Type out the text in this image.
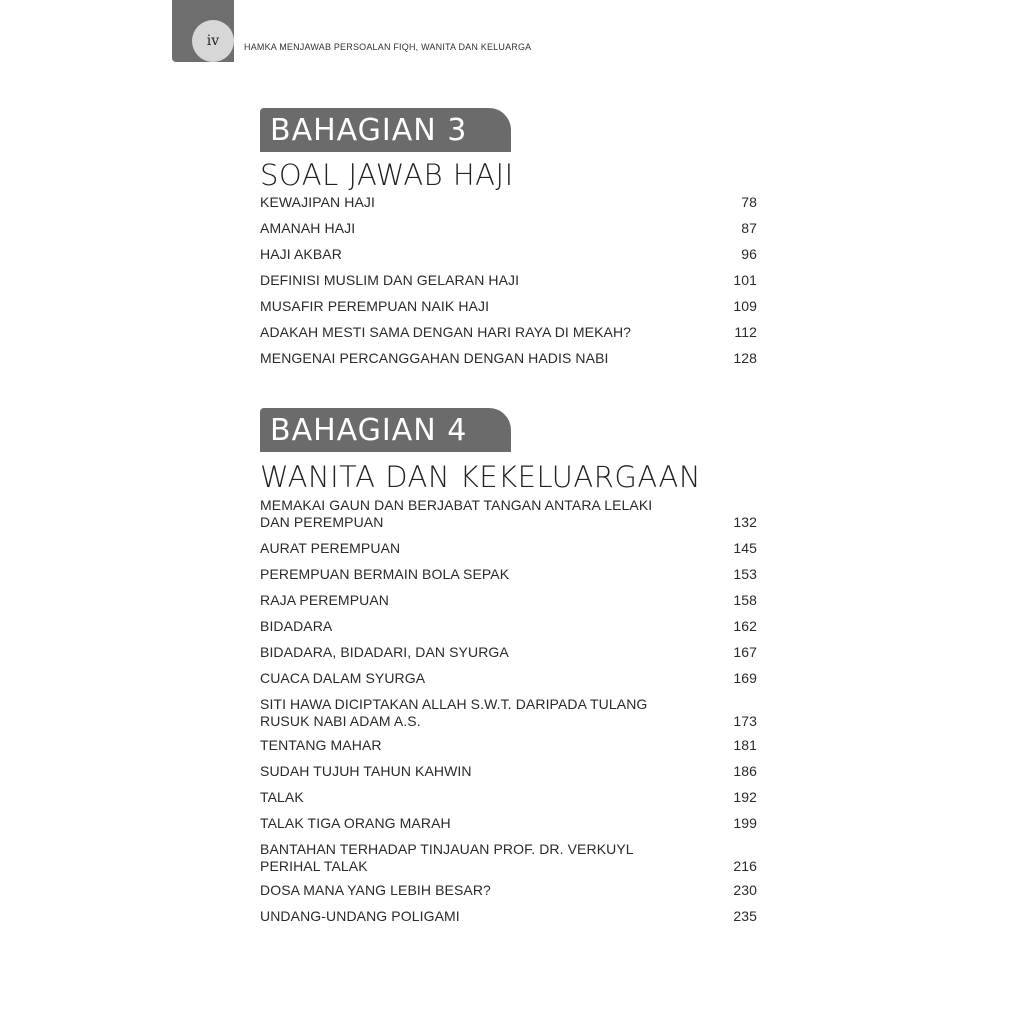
iv	HAMKA MENJAWAB PERSOALAN FIQH, WANITA DAN KELUARGA
BAHAGIAN 3
SOAL JAWAB HAJI
KEWAJIPAN HAJI	78
AMANAH HAJI	87
HAJI AKBAR	96
DEFINISI MUSLIM DAN GELARAN HAJI	101
MUSAFIR PEREMPUAN NAIK HAJI	109
ADAKAH MESTI SAMA DENGAN HARI RAYA DI MEKAH?	112
MENGENAI PERCANGGAHAN DENGAN HADIS NABI	128
BAHAGIAN 4
WANITA DAN KEKELUARGAAN
MEMAKAI GAUN DAN BERJABAT TANGAN ANTARA LELAKI DAN PEREMPUAN	132
AURAT PEREMPUAN	145
PEREMPUAN BERMAIN BOLA SEPAK	153
RAJA PEREMPUAN	158
BIDADARA	162
BIDADARA, BIDADARI, DAN SYURGA	167
CUACA DALAM SYURGA	169
SITI HAWA DICIPTAKAN ALLAH S.W.T. DARIPADA TULANG RUSUK NABI ADAM A.S.	173
TENTANG MAHAR	181
SUDAH TUJUH TAHUN KAHWIN	186
TALAK	192
TALAK TIGA ORANG MARAH	199
BANTAHAN TERHADAP TINJAUAN PROF. DR. VERKUYL PERIHAL TALAK	216
DOSA MANA YANG LEBIH BESAR?	230
UNDANG-UNDANG POLIGAMI	235
